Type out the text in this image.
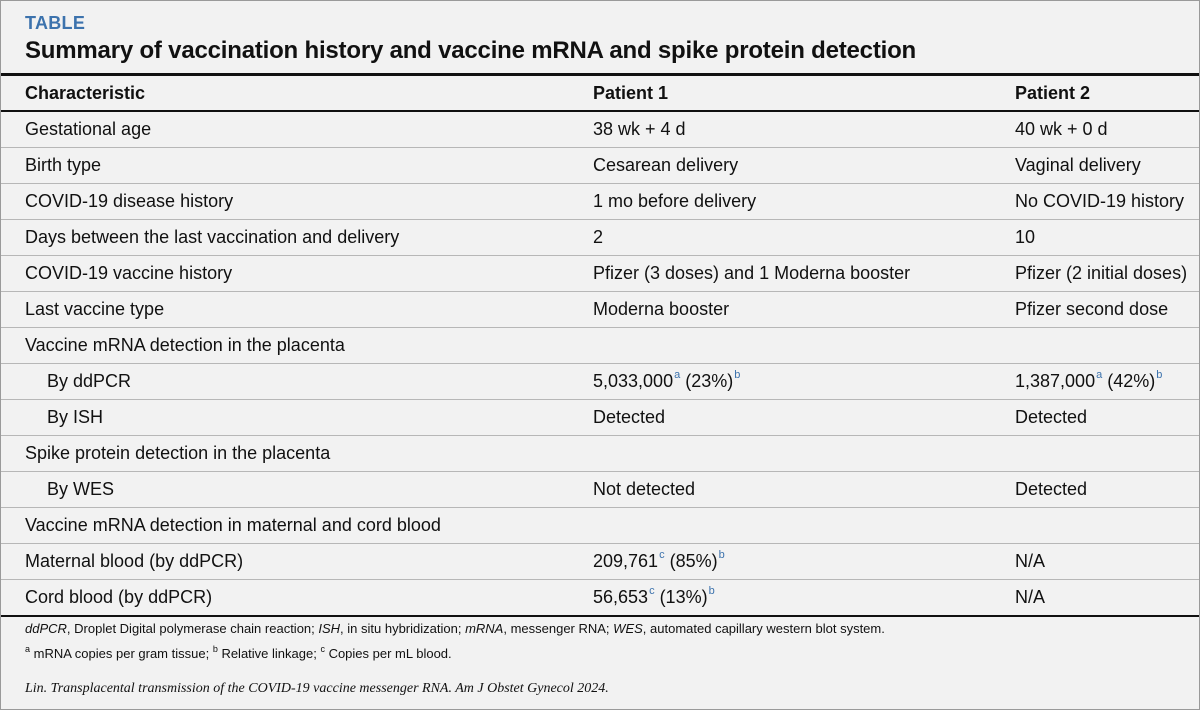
TABLE
Summary of vaccination history and vaccine mRNA and spike protein detection
Characteristic	Patient 1	Patient 2
Gestational age	38 wk + 4 d	40 wk + 0 d
Birth type	Cesarean delivery	Vaginal delivery
COVID-19 disease history	1 mo before delivery	No COVID-19 history
Days between the last vaccination and delivery	2	10
COVID-19 vaccine history	Pfizer (3 doses) and 1 Moderna booster	Pfizer (2 initial doses)
Last vaccine type	Moderna booster	Pfizer second dose
Vaccine mRNA detection in the placenta		
By ddPCR	5,033,000$^a$ (23%)$^b$	1,387,000$^a$ (42%)$^b$
By ISH	Detected	Detected
Spike protein detection in the placenta		
By WES	Not detected	Detected
Vaccine mRNA detection in maternal and cord blood		
Maternal blood (by ddPCR)	209,761$^c$ (85%)$^b$	N/A
Cord blood (by ddPCR)	56,653$^c$ (13%)$^b$	N/A
ddPCR, Droplet Digital polymerase chain reaction; ISH, in situ hybridization; mRNA, messenger RNA; WES, automated capillary western blot system.
$^a$ mRNA copies per gram tissue; $^b$ Relative linkage; $^c$ Copies per mL blood.
Lin. Transplacental transmission of the COVID-19 vaccine messenger RNA. Am J Obstet Gynecol 2024.
